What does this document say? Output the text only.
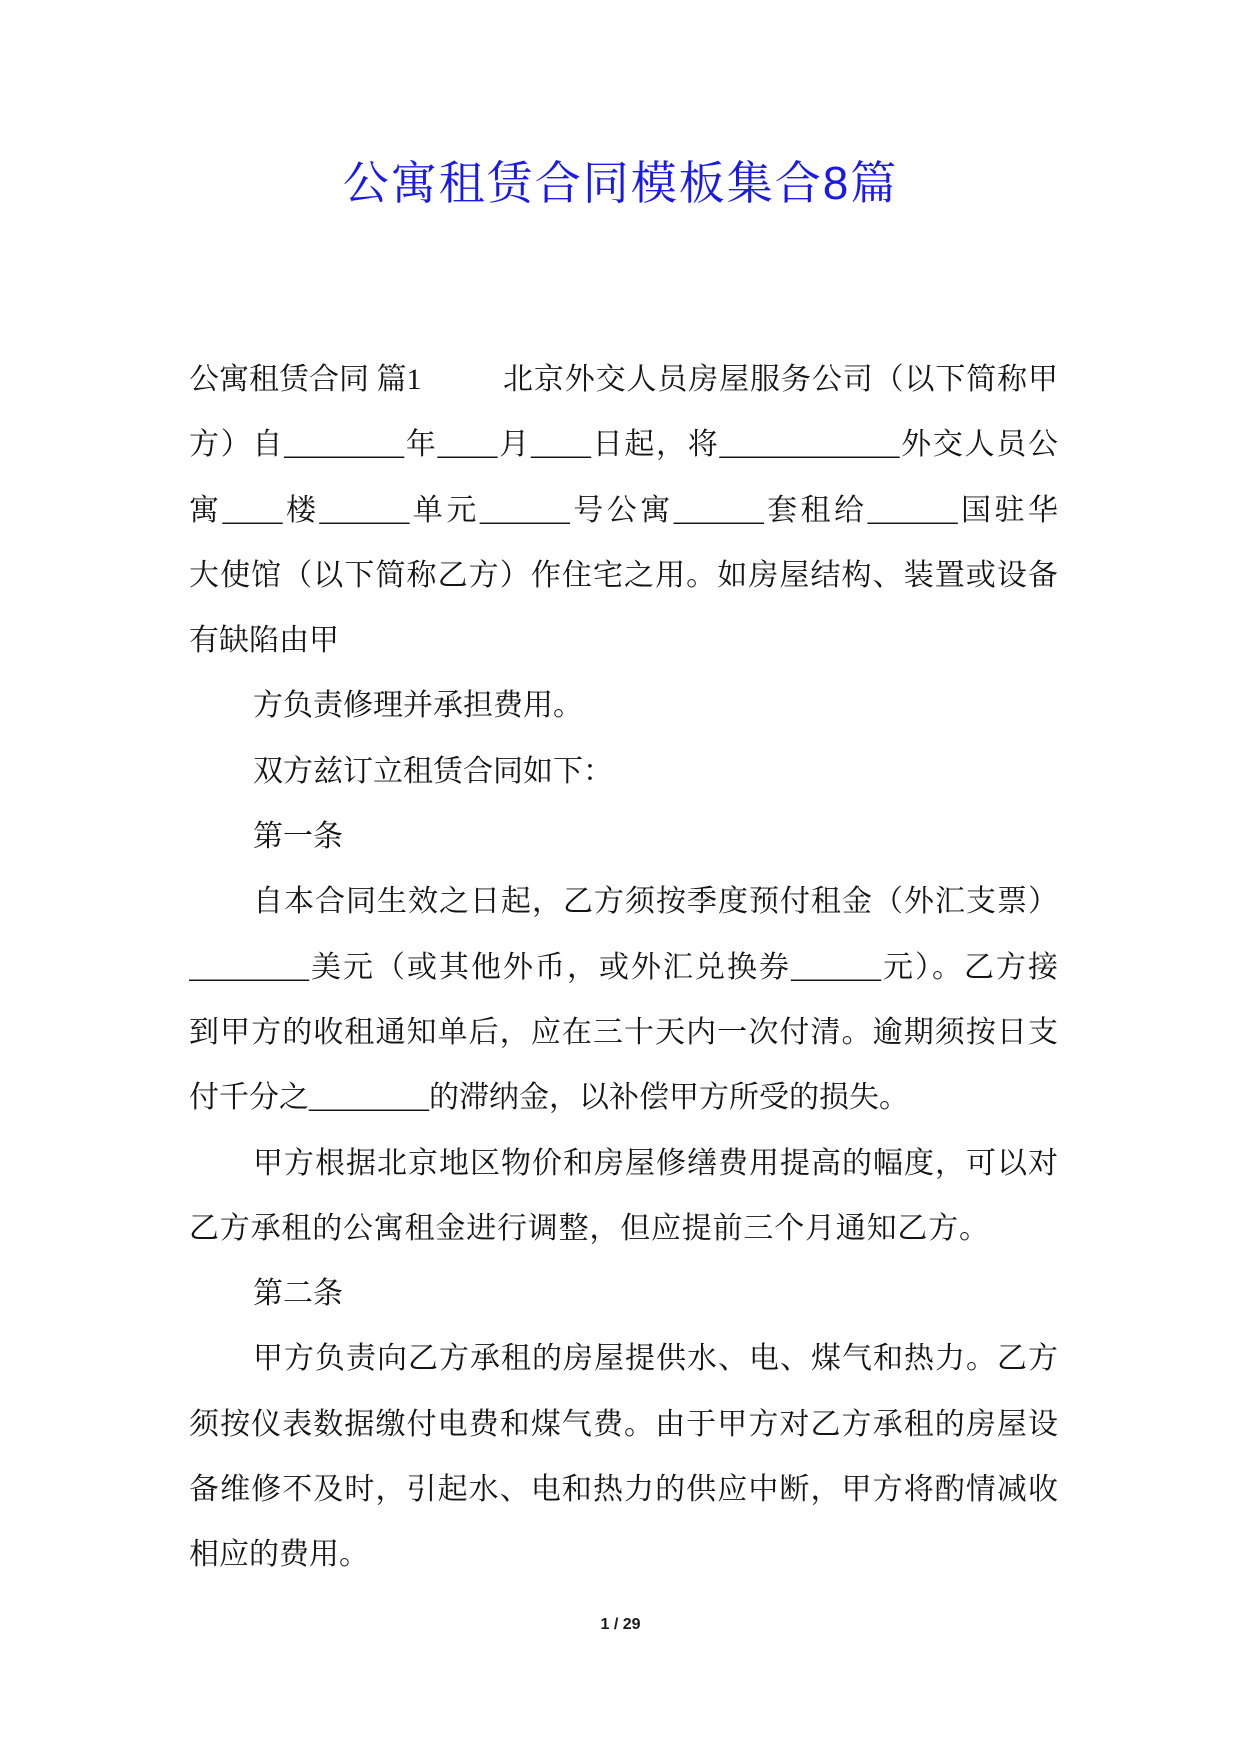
公寓租赁合同模板集合8篇
公寓租赁合同 篇1	北京外交人员房屋服务公司（以下简称甲
方）自________年____月____日起，将____________外交人员公
寓____楼______单元______号公寓______套租给______国驻华
大使馆（以下简称乙方）作住宅之用。如房屋结构、装置或设备
有缺陷由甲
方负责修理并承担费用。
双方兹订立租赁合同如下：
第一条
自本合同生效之日起，乙方须按季度预付租金（外汇支票）
________美元（或其他外币，或外汇兑换券______元）。乙方接
到甲方的收租通知单后，应在三十天内一次付清。逾期须按日支
付千分之________的滞纳金，以补偿甲方所受的损失。
甲方根据北京地区物价和房屋修缮费用提高的幅度，可以对
乙方承租的公寓租金进行调整，但应提前三个月通知乙方。
第二条
甲方负责向乙方承租的房屋提供水、电、煤气和热力。乙方
须按仪表数据缴付电费和煤气费。由于甲方对乙方承租的房屋设
备维修不及时，引起水、电和热力的供应中断，甲方将酌情减收
相应的费用。
1 / 29
